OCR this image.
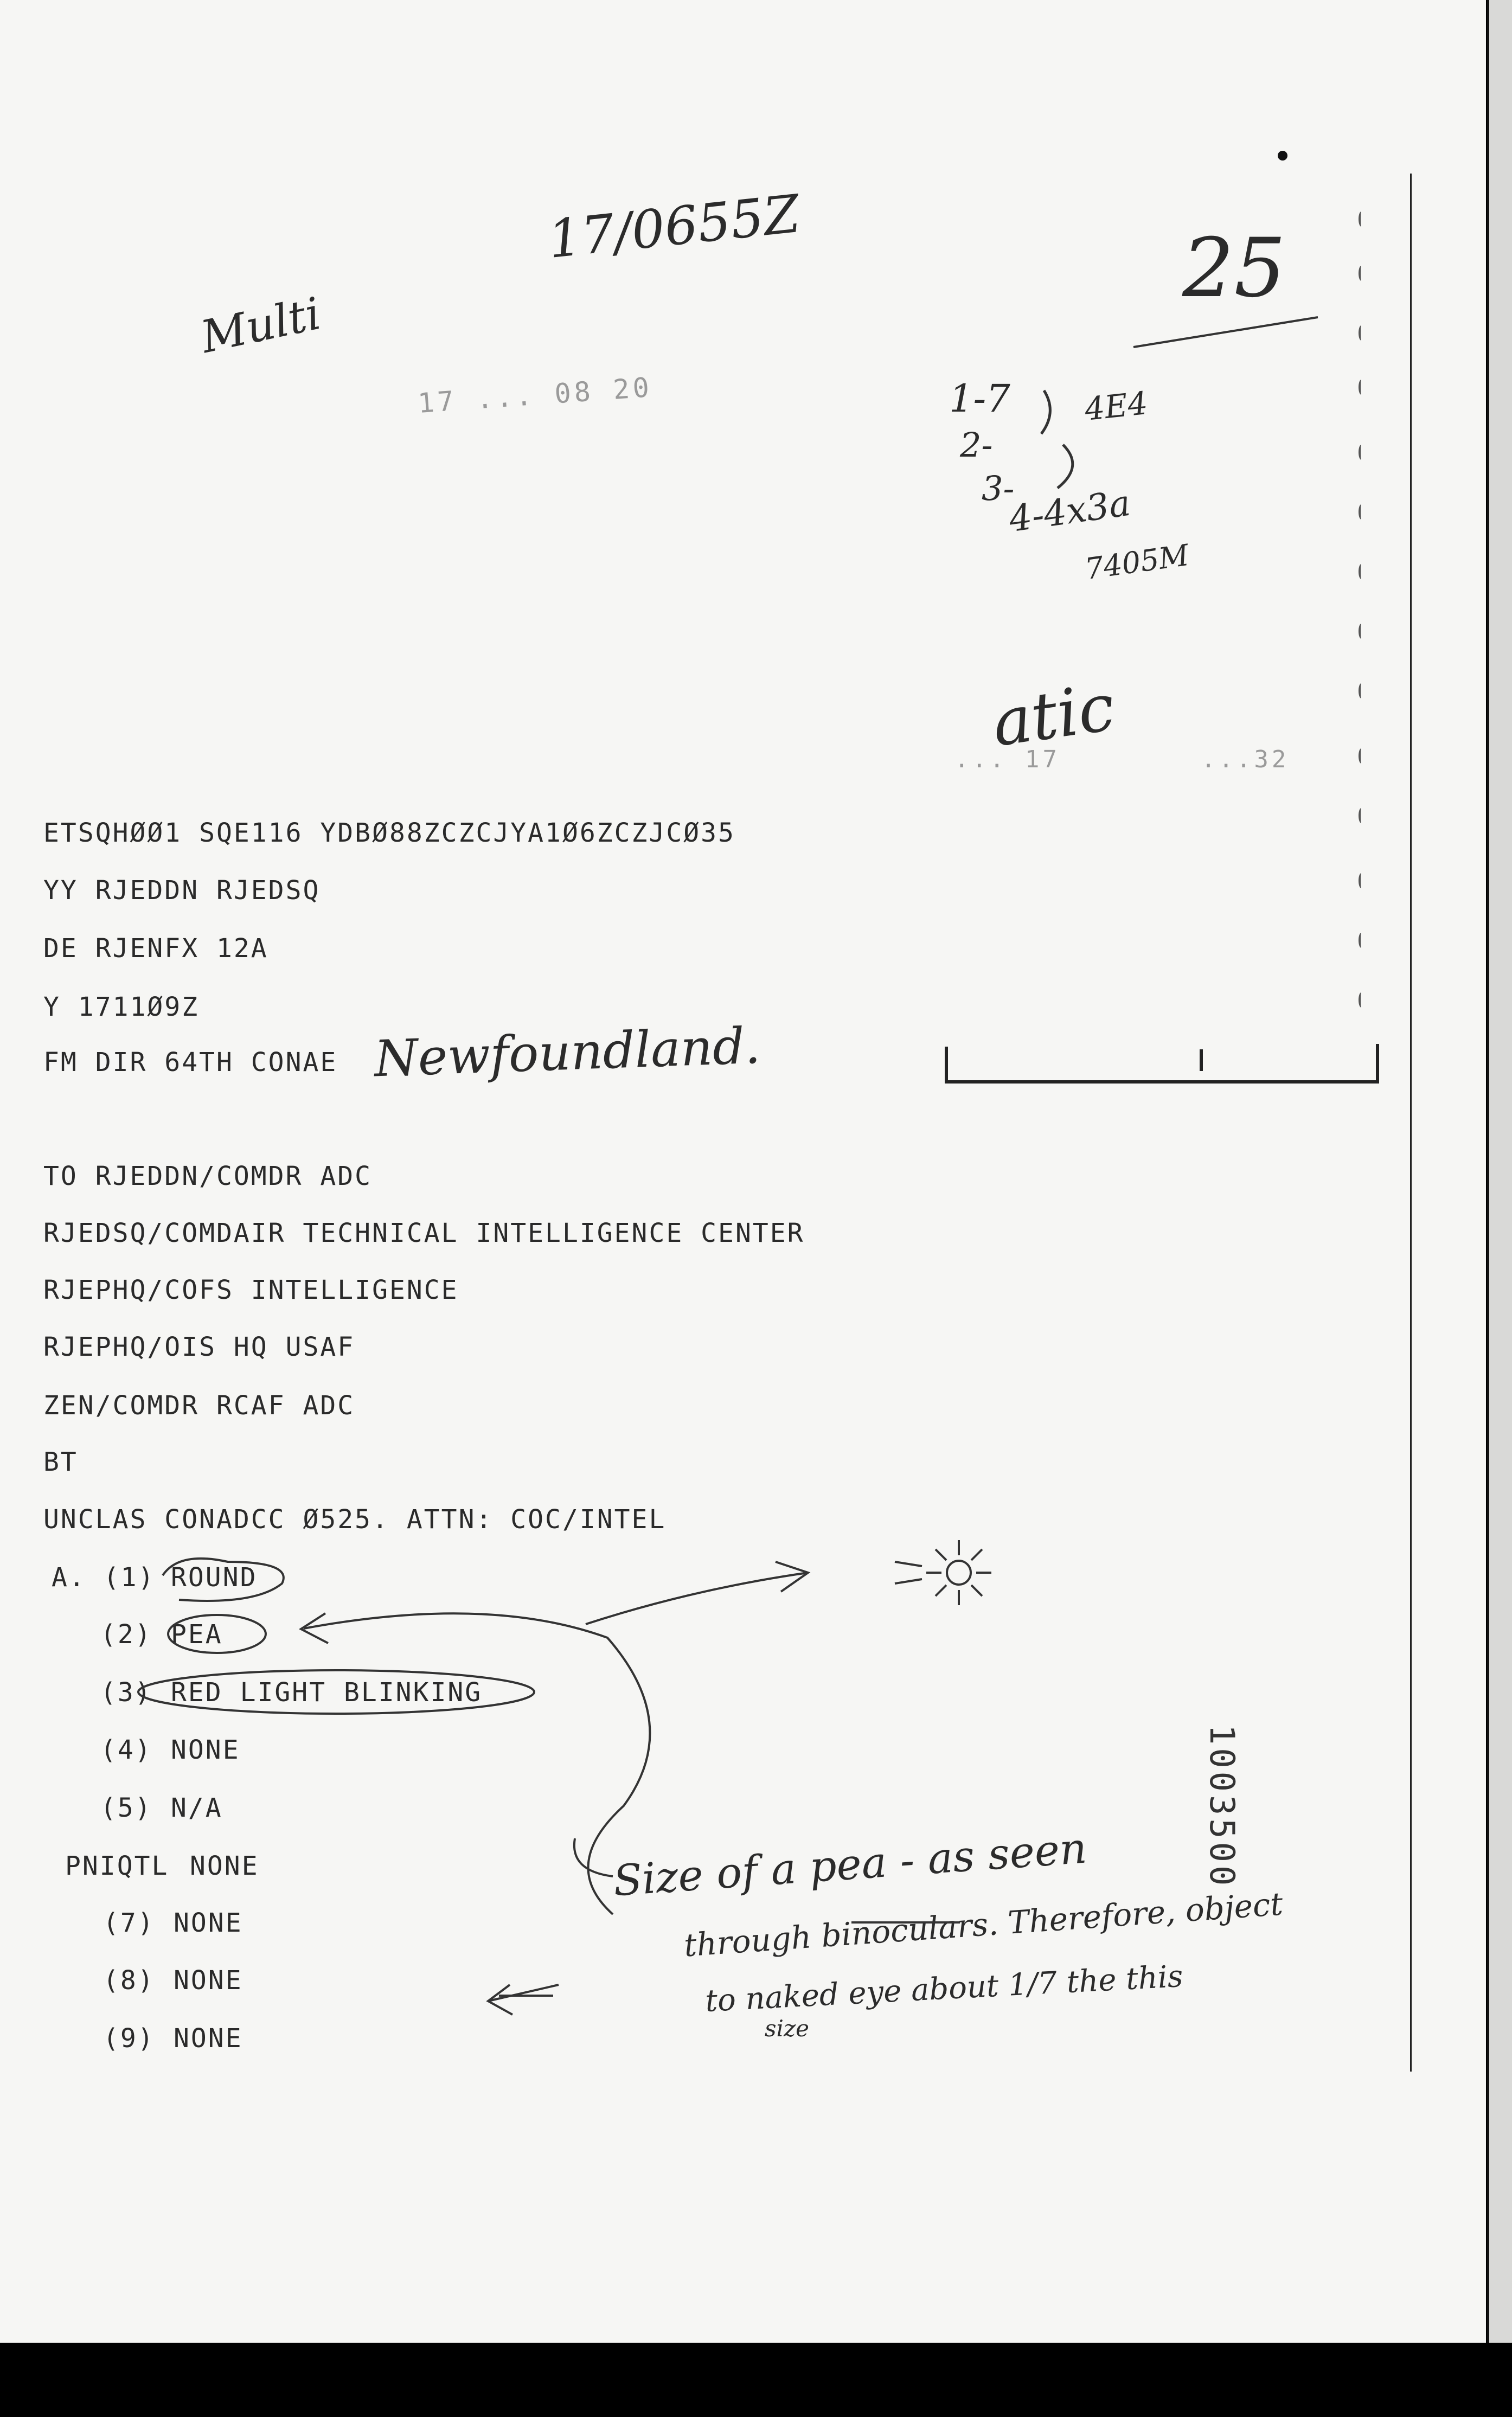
17/0655Z	25
Multi
17 ... 08 20	1-7
2-
3-
4E4
4-4x3a
7405M
atic
... 17        ...32
ETSQHØØ1 SQE116 YDBØ88ZCZCJYA1Ø6ZCZJCØ35
YY RJEDDN RJEDSQ
DE RJENFX 12A
Y 1711Ø9Z
FM DIR 64TH CONAE Newfoundland.
TO RJEDDN/COMDR ADC
RJEDSQ/COMDAIR TECHNICAL INTELLIGENCE CENTER
RJEPHQ/COFS INTELLIGENCE
RJEPHQ/OIS HQ USAF
ZEN/COMDR RCAF ADC
BT
UNCLAS CONADCC Ø525. ATTN: COC/INTEL
A. (1) ROUND
(2) PEA
(3) RED LIGHT BLINKING
(4) NONE
(5) N/A
PNIQTL NONE
(7) NONE
(8) NONE
(9) NONE
Size of a pea - as seen
through binoculars. Therefore, object
to naked eye about 1/7 the this
size
1003500
